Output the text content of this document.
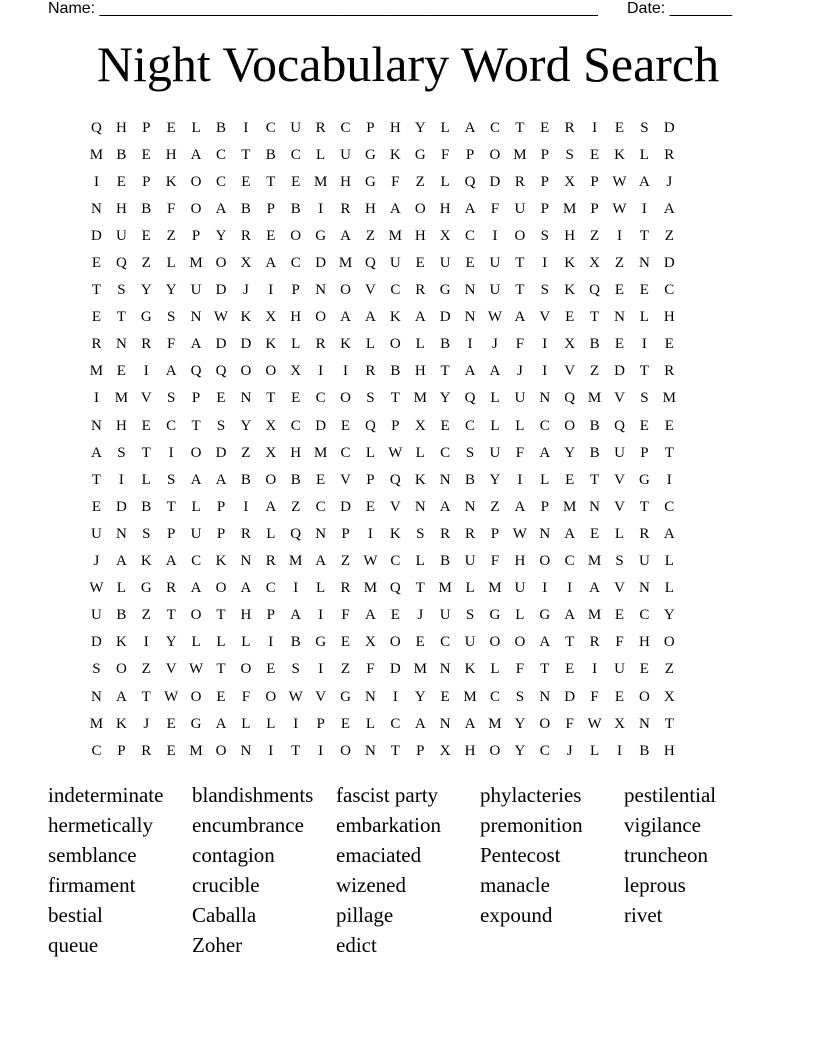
Name: ________________________________________________________ Date: _______
Night Vocabulary Word Search
Q H	P	E	L	B	I	C U R C	P	H Y L A C	T	E	R	I	E	S	D
M B	E H A C	T	B C	L U G K G	F	P	O M P	S	E K L	R
I	E	P	K O C	E	T	E M H G	F	Z	L Q D R	P	X	P W A	J
N H B	F	O A B	P	B	I	R H A O H A	F	U	P M P W	I	A
D U E	Z	P	Y R	E O G A Z M H X C	I	O	S	H Z	I	T	Z
E Q Z	L M O X A C D M Q U E U E U T	I	K X Z N D
T	S	Y Y U D	J	I	P	N O V C R G N U T	S	K Q E	E	C
E	T G	S	N W K X H O A A K A D N W A V E	T N L H
R N R	F	A D D K L	R K L O L	B	I	J	F	I	X B	E	I	E
M E	I	A Q Q O O X	I	I	R B H T A A	J	I	V Z D T	R
I	M V	S	P	E N T	E	C O	S	T M Y Q L U N Q M V	S M
N H E	C	T	S	Y X C D E Q	P	X E	C	L	L	C O B Q E	E
A	S	T	I	O D Z X H M C	L W L	C	S	U	F	A Y B U	P	T
T	I	L	S	A A B O B	E V	P	Q K N B Y	I	L	E	T V G	I
E D B	T	L	P	I	A Z	C D E V N A N Z A	P M N V T	C
U N	S	P	U	P	R	L Q N	P	I	K	S	R R	P W N A E	L	R A
J	A K A C K N R M A Z W C	L	B U	F	H O C M S	U L
W L G R A O A C	I	L	R M Q T M L M U	I	I	A V N L
U B	Z	T O T H	P	A	I	F	A E	J	U	S	G L G A M E	C Y
D K	I	Y L	L	L	I	B G E X O E	C U O O A T	R	F	H O
S	O Z V W T O E	S	I	Z	F	D M N K L	F	T	E	I	U E	Z
N A T W O E	F	O W V G N	I	Y E M C	S	N D	F	E O X
M K	J	E G A L	L	I	P	E	L	C A N A M Y O	F W X N T
C	P	R	E M O N	I	T	I	O N T	P	X H O Y C	J	L	I	B H
indeterminate	blandishments	fascist party	phylacteries	pestilential
hermetically	encumbrance	embarkation	premonition	vigilance
semblance	contagion	emaciated	Pentecost	truncheon
firmament	crucible	wizened	manacle	leprous
bestial	Caballa	pillage	expound	rivet
queue	Zoher	edict
